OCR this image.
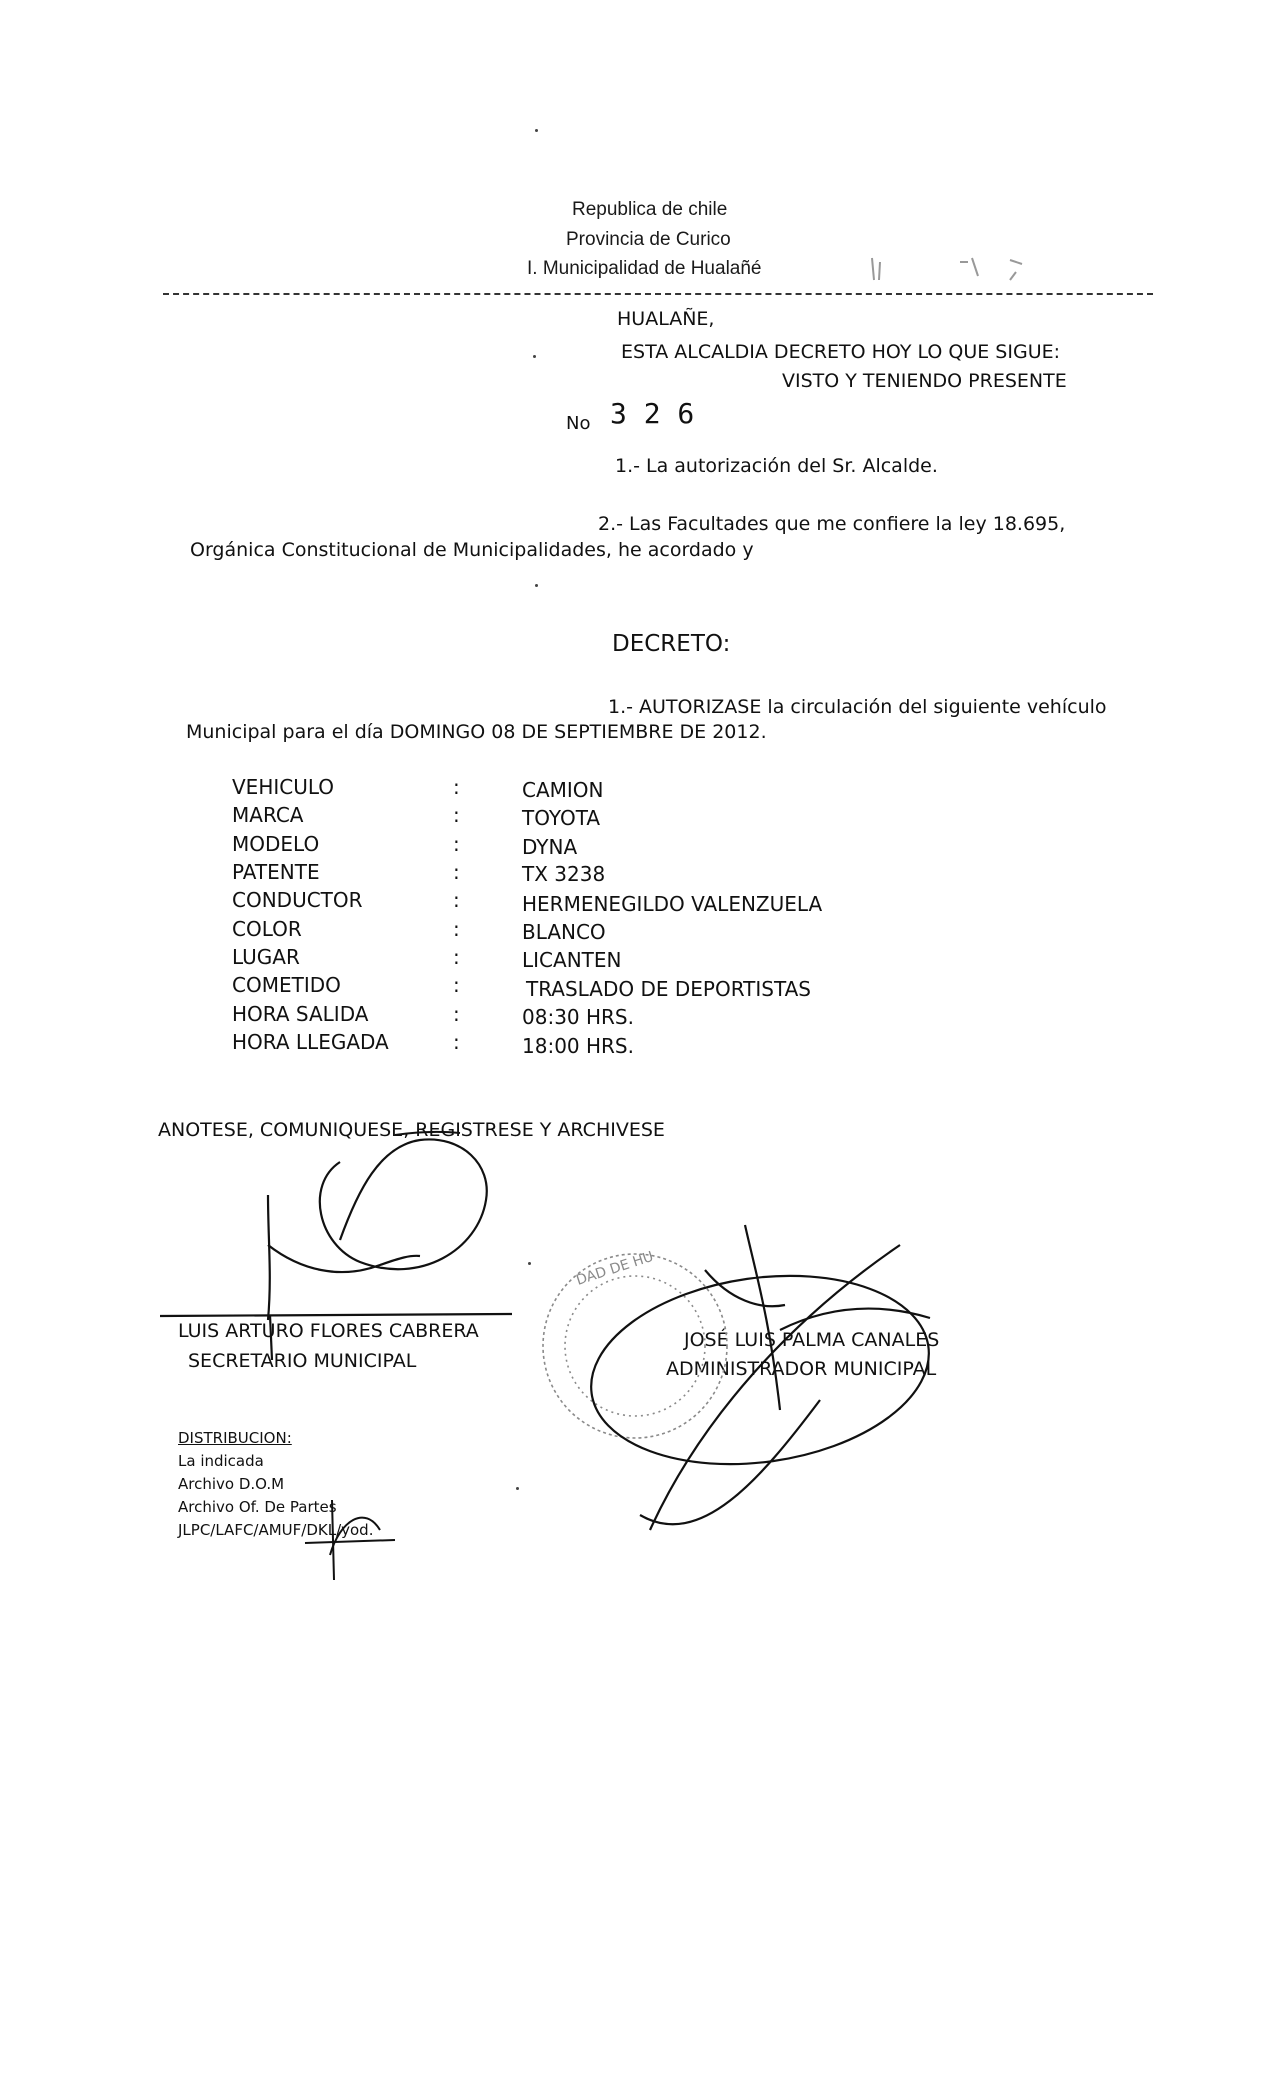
Republica de chile
Provincia de Curico
I. Municipalidad de Hualañé
HUALAÑE,
ESTA ALCALDIA DECRETO HOY LO QUE SIGUE:
VISTO Y TENIENDO PRESENTE
No 3 2 6
1.- La autorización del Sr. Alcalde.
2.- Las Facultades que me confiere la ley 18.695,
Orgánica Constitucional de Municipalidades, he acordado y
DECRETO:
1.- AUTORIZASE la circulación del siguiente vehículo
Municipal para el día DOMINGO 08 DE SEPTIEMBRE DE 2012.
VEHICULO	:	CAMION
MARCA	:	TOYOTA
MODELO	:	DYNA
PATENTE	:	TX 3238
CONDUCTOR	:	HERMENEGILDO VALENZUELA
COLOR	:	BLANCO
LUGAR	:	LICANTEN
COMETIDO	:	TRASLADO DE DEPORTISTAS
HORA SALIDA	:	08:30 HRS.
HORA LLEGADA	:	18:00 HRS.
ANOTESE, COMUNIQUESE, REGISTRESE Y ARCHIVESE
LUIS ARTURO FLORES CABRERA
SECRETARIO MUNICIPAL
JOSÉ LUIS PALMA CANALES
ADMINISTRADOR MUNICIPAL
DISTRIBUCION:
La indicada
Archivo D.O.M
Archivo Of. De Partes
JLPC/LAFC/AMUF/DKL/yod.
DAD DE HU
